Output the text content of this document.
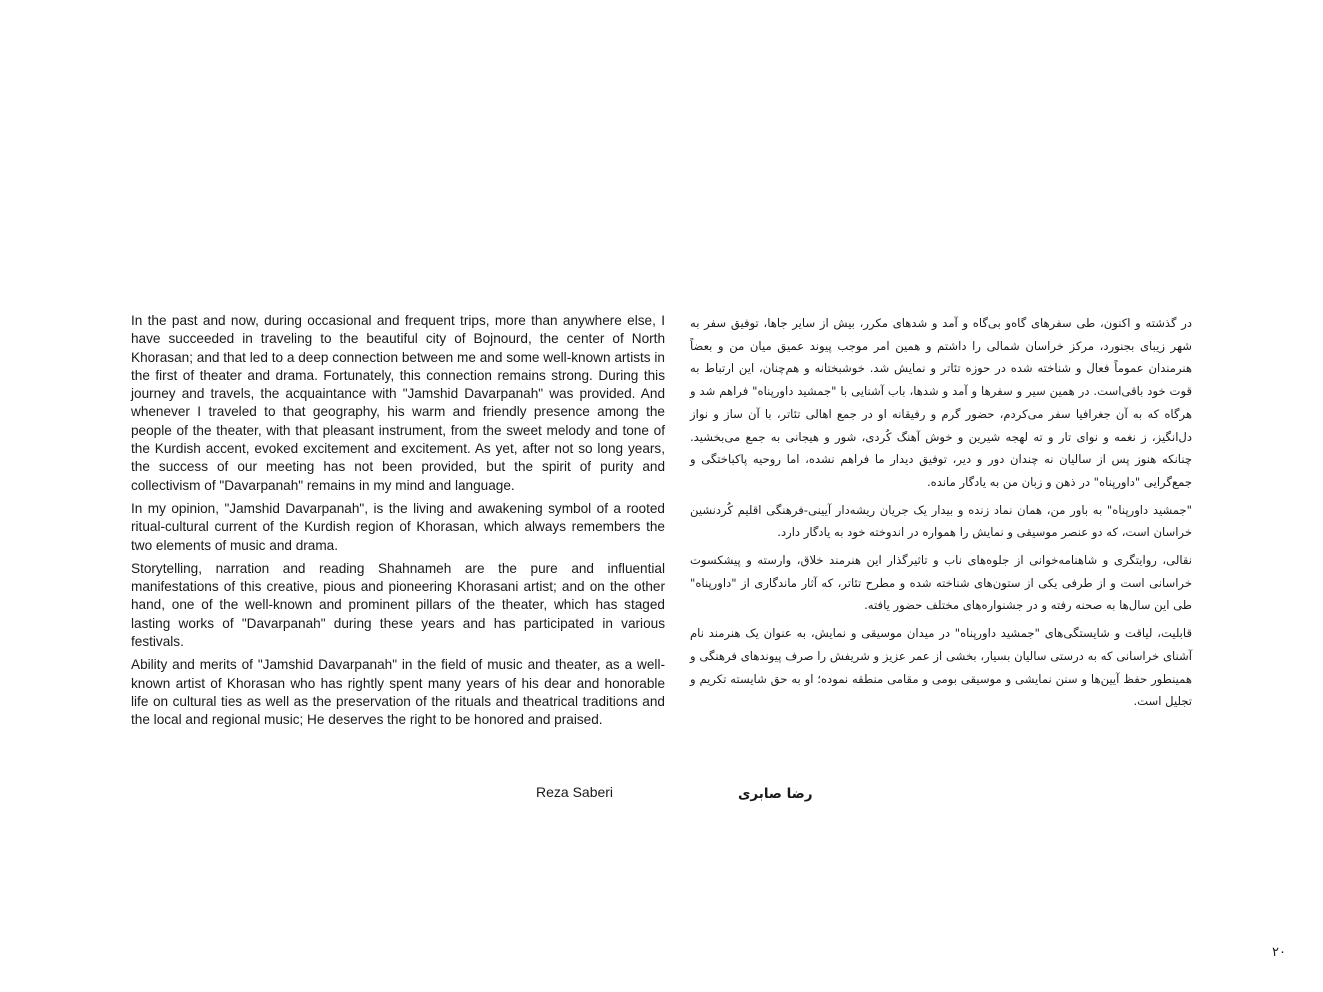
In the past and now, during occasional and frequent trips, more than anywhere else, I have succeeded in traveling to the beautiful city of Bojnourd, the center of North Khorasan; and that led to a deep connection between me and some well-known artists in the first of theater and drama. Fortunately, this connection remains strong. During this journey and travels, the acquaintance with "Jamshid Davarpanah" was provided. And whenever I traveled to that geography, his warm and friendly presence among the people of the theater, with that pleasant instrument, from the sweet melody and tone of the Kurdish accent, evoked excitement and excitement. As yet, after not so long years, the success of our meeting has not been provided, but the spirit of purity and collectivism of "Davarpanah" remains in my mind and language.

In my opinion, "Jamshid Davarpanah", is the living and awakening symbol of a rooted ritual-cultural current of the Kurdish region of Khorasan, which always remembers the two elements of music and drama.

Storytelling, narration and reading Shahnameh are the pure and influential manifestations of this creative, pious and pioneering Khorasani artist; and on the other hand, one of the well-known and prominent pillars of the theater, which has staged lasting works of "Davarpanah" during these years and has participated in various festivals.

Ability and merits of "Jamshid Davarpanah" in the field of music and theater, as a well-known artist of Khorasan who has rightly spent many years of his dear and honorable life on cultural ties as well as the preservation of the rituals and theatrical traditions and the local and regional music; He deserves the right to be honored and praised.

در گذشته و اکنون، طی سفرهای گاه‌و بی‌گاه و آمد و شدهای مکرر، بیش از سایر جاها، توفیق سفر به شهر زیبای بجنورد، مرکز خراسان شمالی را داشتم و همین امر موجب پیوند عمیق میان من و بعضاً هنرمندان عموماً فعال و شناخته شده در حوزه تئاتر و نمایش شد. خوشبختانه و هم‌چنان، این ارتباط به قوت خود باقی‌است. در همین سیر و سفرها و آمد و شدها، باب آشنایی با "جمشید داورپناه" فراهم شد و هرگاه که به آن جغرافیا سفر می‌کردم، حضور گرم و رفیقانه او در جمع اهالی تئاتر، با آن ساز و نواز دل‌انگیز، ز نغمه و نوای تار و ته لهجه شیرین و خوش آهنگ کُردی، شور و هیجانی به جمع می‌بخشید. چنانکه هنوز پس از سالیان نه چندان دور و دیر، توفیق دیدار ما فراهم نشده، اما روحیه پاکباختگی و جمع‌گرایی "داورپناه" در ذهن و زبان من به یادگار مانده.

"جمشید داورپناه" به باور من، همان نماد زنده و بیدار یک جریان ریشه‌دار آیینی-فرهنگی اقلیم کُردنشین خراسان است، که دو عنصر موسیقی و نمایش را همواره در اندوخته خود به یادگار دارد.

نقالی، روایتگری و شاهنامه‌خوانی از جلوه‌های ناب و تاثیرگذار این هنرمند خلاق، وارسته و پیشکسوت خراسانی است و از طرفی یکی از ستون‌های شناخته شده و مطرح تئاتر، که آثار ماندگاری از "داورپناه" طی این سال‌ها به صحنه رفته و در جشنواره‌های مختلف حضور یافته.

قابلیت، لیاقت و شایستگی‌های "جمشید داورپناه" در میدان موسیقی و نمایش، به عنوان یک هنرمند نام آشنای خراسانی که به درستی سالیان بسیار، بخشی از عمر عزیز و شریفش را صرف پیوندهای فرهنگی و همینطور حفظ آیین‌ها و سنن نمایشی و موسیقی بومی و مقامی منطقه نموده؛ او به حق شایسته تکریم و تجلیل است.

Reza Saberi	رضا صابری
۲۰
